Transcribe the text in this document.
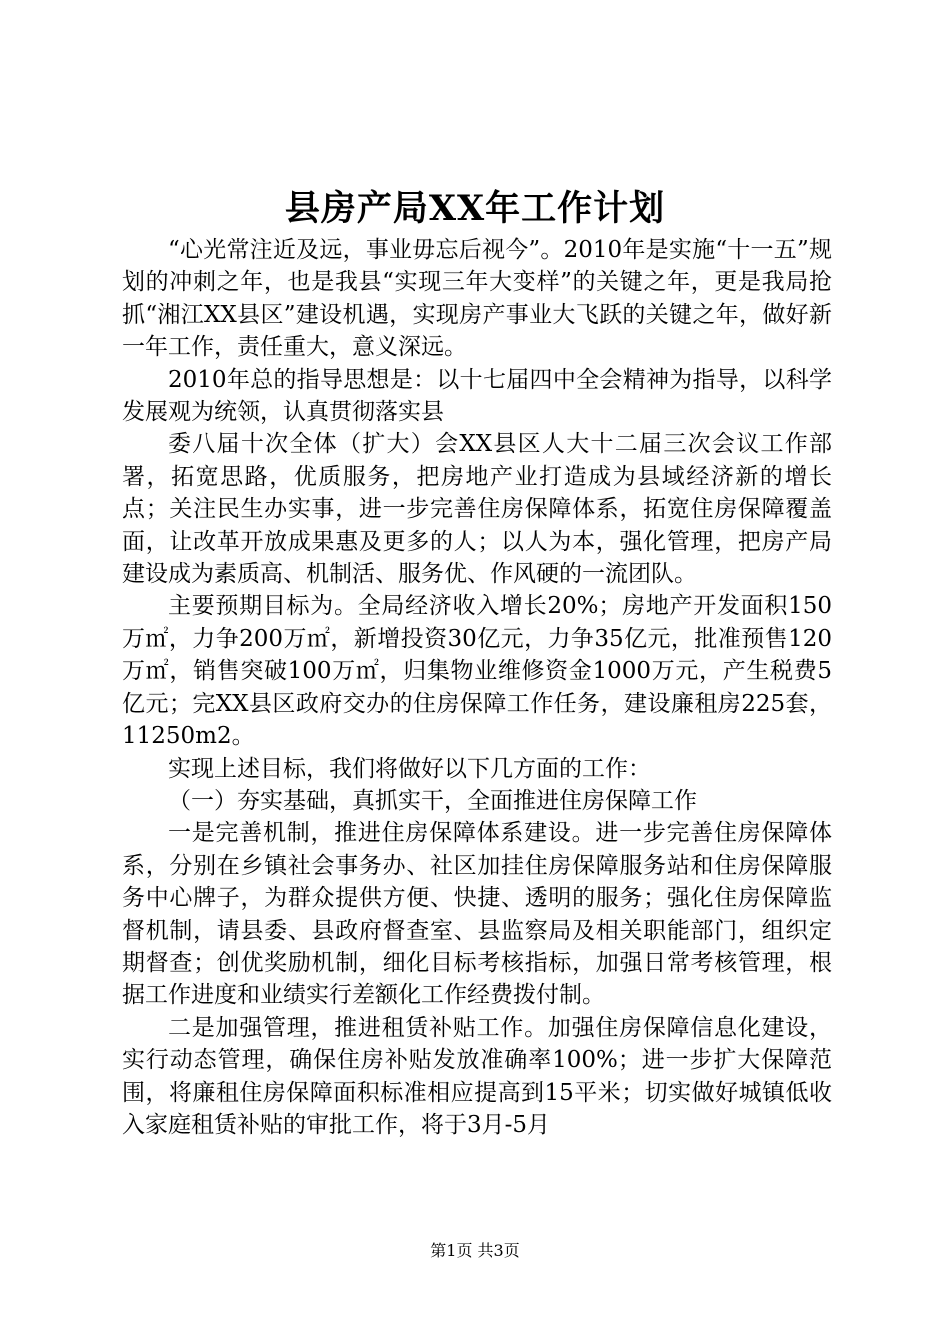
县房产局XX年工作计划

“心光常注近及远，事业毋忘后视今”。2010年是实施“十一五”规划的冲刺之年，也是我县“实现三年大变样”的关键之年，更是我局抢抓“湘江XX县区”建设机遇，实现房产事业大飞跃的关键之年，做好新一年工作，责任重大，意义深远。

2010年总的指导思想是：以十七届四中全会精神为指导，以科学发展观为统领，认真贯彻落实县

委八届十次全体（扩大）会XX县区人大十二届三次会议工作部署，拓宽思路，优质服务，把房地产业打造成为县域经济新的增长点；关注民生办实事，进一步完善住房保障体系，拓宽住房保障覆盖面，让改革开放成果惠及更多的人；以人为本，强化管理，把房产局建设成为素质高、机制活、服务优、作风硬的一流团队。

主要预期目标为。全局经济收入增长20%；房地产开发面积150万㎡，力争200万㎡，新增投资30亿元，力争35亿元，批准预售120万㎡，销售突破100万㎡，归集物业维修资金1000万元，产生税费5亿元；完XX县区政府交办的住房保障工作任务，建设廉租房225套，11250m2。

实现上述目标，我们将做好以下几方面的工作：

（一）夯实基础，真抓实干，全面推进住房保障工作

一是完善机制，推进住房保障体系建设。进一步完善住房保障体系，分别在乡镇社会事务办、社区加挂住房保障服务站和住房保障服务中心牌子，为群众提供方便、快捷、透明的服务；强化住房保障监督机制，请县委、县政府督查室、县监察局及相关职能部门，组织定期督查；创优奖励机制，细化目标考核指标，加强日常考核管理，根据工作进度和业绩实行差额化工作经费拨付制。

二是加强管理，推进租赁补贴工作。加强住房保障信息化建设，实行动态管理，确保住房补贴发放准确率100%；进一步扩大保障范围，将廉租住房保障面积标准相应提高到15平米；切实做好城镇低收入家庭租赁补贴的审批工作，将于3月-5月

第1页 共3页
